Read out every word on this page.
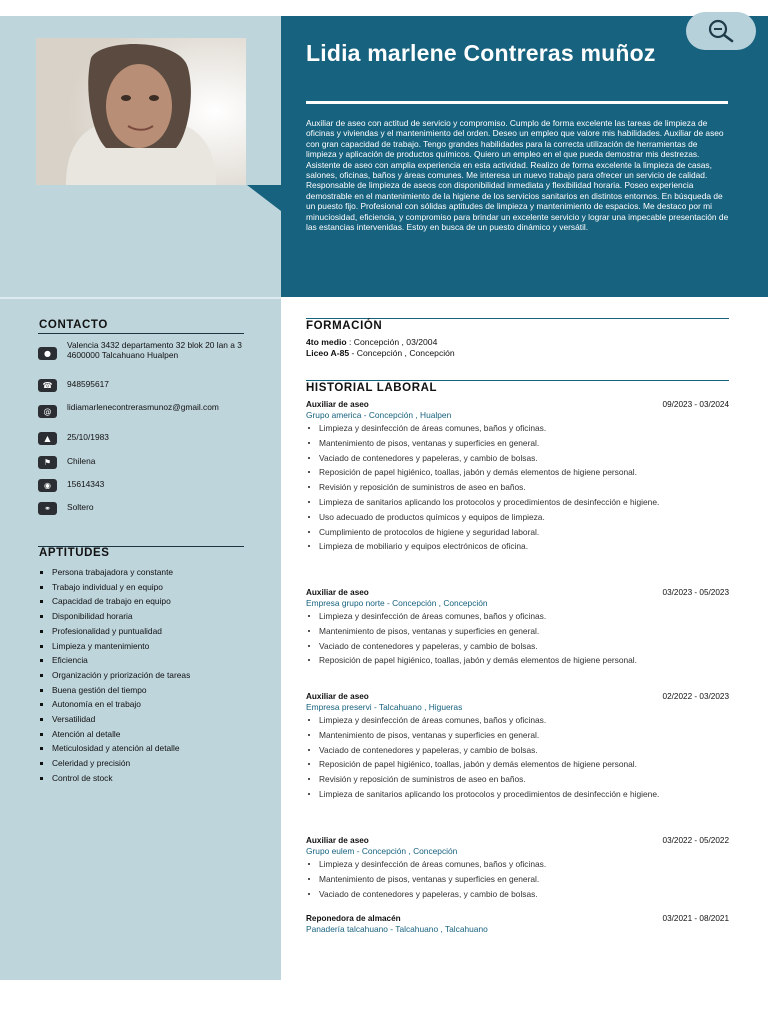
Lidia marlene Contreras muñoz
Auxiliar de aseo con actitud de servicio y compromiso. Cumplo de forma excelente las tareas de limpieza de oficinas y viviendas y el mantenimiento del orden. Deseo un empleo que valore mis habilidades. Auxiliar de aseo con gran capacidad de trabajo. Tengo grandes habilidades para la correcta utilización de herramientas de limpieza y aplicación de productos químicos. Quiero un empleo en el que pueda demostrar mis destrezas. Asistente de aseo con amplia experiencia en esta actividad. Realizo de forma excelente la limpieza de casas, salones, oficinas, baños y áreas comunes. Me interesa un nuevo trabajo para ofrecer un servicio de calidad. Responsable de limpieza de aseos con disponibilidad inmediata y flexibilidad horaria. Poseo experiencia demostrable en el mantenimiento de la higiene de los servicios sanitarios en distintos entornos. En búsqueda de un puesto fijo. Profesional con sólidas aptitudes de limpieza y mantenimiento de espacios. Me destaco por mi minuciosidad, eficiencia, y compromiso para brindar un excelente servicio y lograr una impecable presentación de las estancias intervenidas. Estoy en busca de un puesto dinámico y versátil.
CONTACTO
●
Valencia 3432 departamento 32 blok 20 lan a 3 4600000 Talcahuano Hualpen
☎	948595617
@	lidiamarlenecontrerasmunoz@gmail.com
▲	25/10/1983
⚑	Chilena
◉	15614343
⚭	Soltero
APTITUDES
Persona trabajadora y constante
Trabajo individual y en equipo
Capacidad de trabajo en equipo
Disponibilidad horaria
Profesionalidad y puntualidad
Limpieza y mantenimiento
Eficiencia
Organización y priorización de tareas
Buena gestión del tiempo
Autonomía en el trabajo
Versatilidad
Atención al detalle
Meticulosidad y atención al detalle
Celeridad y precisión
Control de stock
FORMACIÓN
4to medio : Concepción , 03/2004
Liceo A-85 - Concepción , Concepción
HISTORIAL LABORAL
Auxiliar de aseo	09/2023 - 03/2024
Grupo america - Concepción , Hualpen
Limpieza y desinfección de áreas comunes, baños y oficinas.
Mantenimiento de pisos, ventanas y superficies en general.
Vaciado de contenedores y papeleras, y cambio de bolsas.
Reposición de papel higiénico, toallas, jabón y demás elementos de higiene personal.
Revisión y reposición de suministros de aseo en baños.
Limpieza de sanitarios aplicando los protocolos y procedimientos de desinfección e higiene.
Uso adecuado de productos químicos y equipos de limpieza.
Cumplimiento de protocolos de higiene y seguridad laboral.
Limpieza de mobiliario y equipos electrónicos de oficina.
Auxiliar de aseo	03/2023 - 05/2023
Empresa grupo norte - Concepción , Concepción
Limpieza y desinfección de áreas comunes, baños y oficinas.
Mantenimiento de pisos, ventanas y superficies en general.
Vaciado de contenedores y papeleras, y cambio de bolsas.
Reposición de papel higiénico, toallas, jabón y demás elementos de higiene personal.
Auxiliar de aseo	02/2022 - 03/2023
Empresa preservi - Talcahuano , Higueras
Limpieza y desinfección de áreas comunes, baños y oficinas.
Mantenimiento de pisos, ventanas y superficies en general.
Vaciado de contenedores y papeleras, y cambio de bolsas.
Reposición de papel higiénico, toallas, jabón y demás elementos de higiene personal.
Revisión y reposición de suministros de aseo en baños.
Limpieza de sanitarios aplicando los protocolos y procedimientos de desinfección e higiene.
Auxiliar de aseo	03/2022 - 05/2022
Grupo eulem - Concepción , Concepción
Limpieza y desinfección de áreas comunes, baños y oficinas.
Mantenimiento de pisos, ventanas y superficies en general.
Vaciado de contenedores y papeleras, y cambio de bolsas.
Reponedora de almacén	03/2021 - 08/2021
Panadería talcahuano - Talcahuano , Talcahuano
